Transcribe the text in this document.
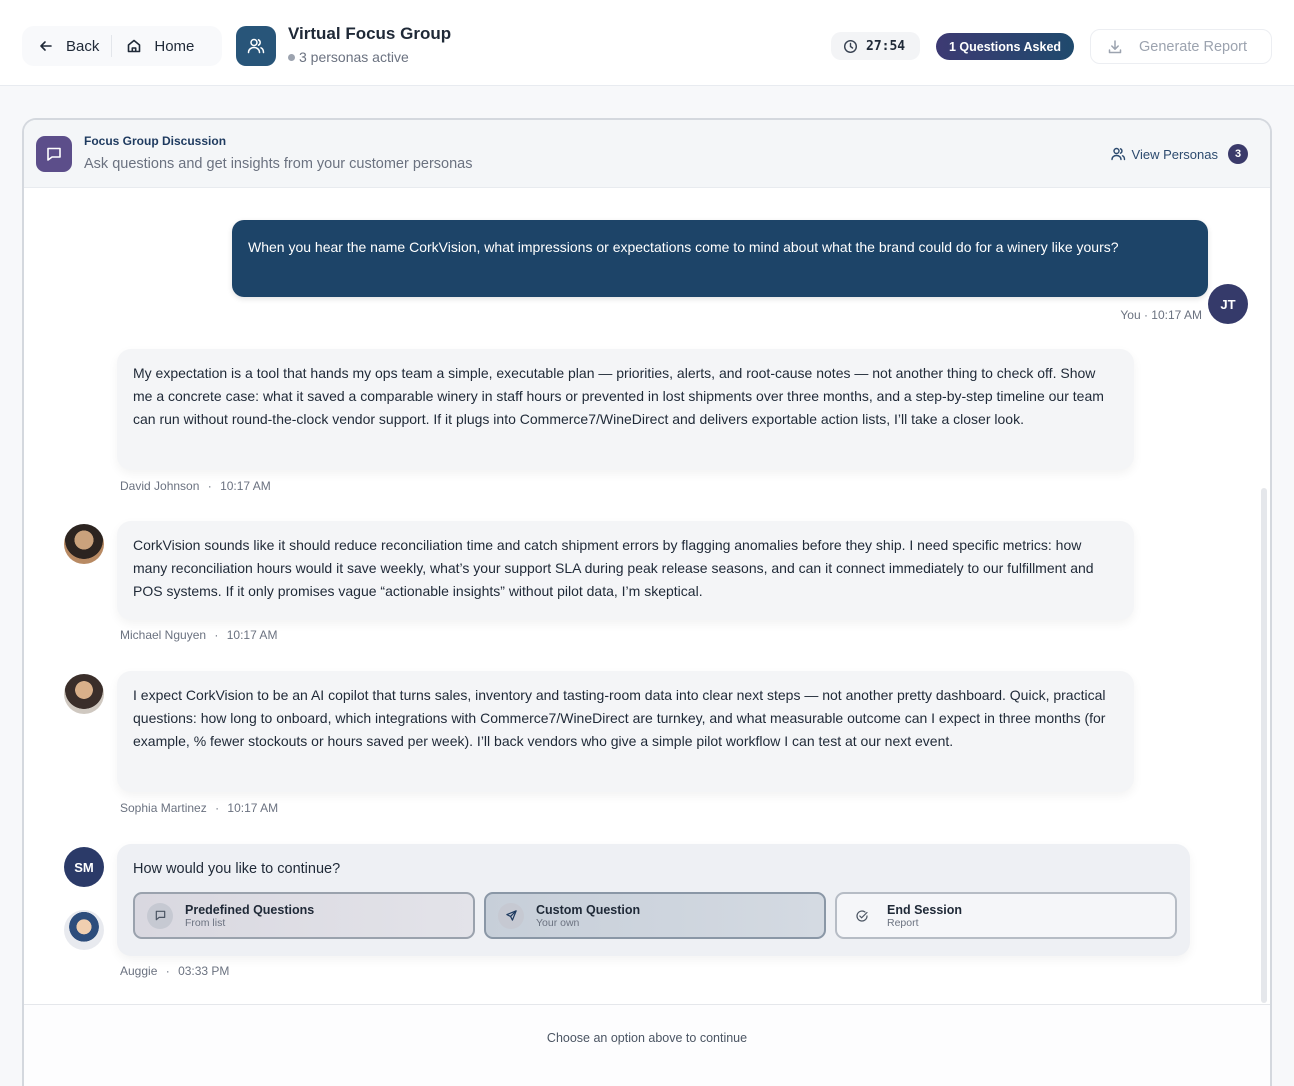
Back	Home
Virtual Focus Group
3 personas active
27:54	1 Questions Asked	Generate Report
Focus Group Discussion
Ask questions and get insights from your customer personas
View Personas	3
When you hear the name CorkVision, what impressions or expectations come to mind about what the brand could do for a winery like yours?
JT
You · 10:17 AM
My expectation is a tool that hands my ops team a simple, executable plan — priorities, alerts, and root-cause notes — not another thing to check off. Show me a concrete case: what it saved a comparable winery in staff hours or prevented in lost shipments over three months, and a step-by-step timeline our team can run without round-the-clock vendor support. If it plugs into Commerce7/WineDirect and delivers exportable action lists, I’ll take a closer look.
David Johnson · 10:17 AM
CorkVision sounds like it should reduce reconciliation time and catch shipment errors by flagging anomalies before they ship. I need specific metrics: how many reconciliation hours would it save weekly, what’s your support SLA during peak release seasons, and can it connect immediately to our fulfillment and POS systems. If it only promises vague “actionable insights” without pilot data, I’m skeptical.
Michael Nguyen · 10:17 AM
I expect CorkVision to be an AI copilot that turns sales, inventory and tasting-room data into clear next steps — not another pretty dashboard. Quick, practical questions: how long to onboard, which integrations with Commerce7/WineDirect are turnkey, and what measurable outcome can I expect in three months (for example, % fewer stockouts or hours saved per week). I’ll back vendors who give a simple pilot workflow I can test at our next event.
SM
Sophia Martinez · 10:17 AM
How would you like to continue?
Predefined Questions
From list
Custom Question
Your own
End Session
Report
Auggie · 03:33 PM
Choose an option above to continue
